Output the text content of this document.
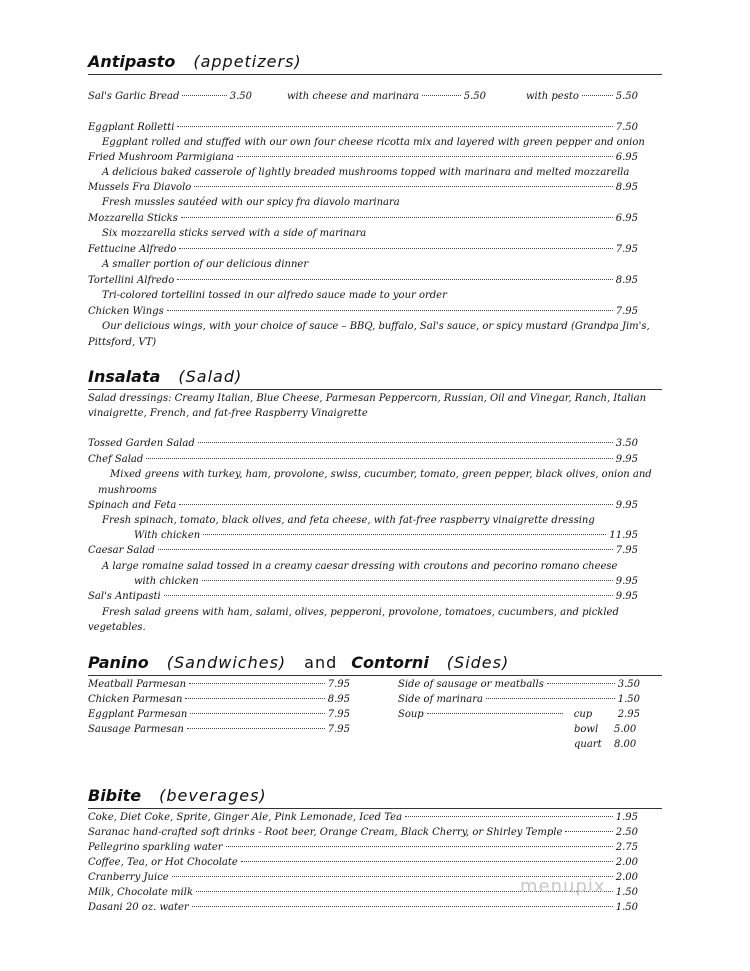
Antipasto (appetizers)
Sal's Garlic Bread	3.50	with cheese and marinara	5.50	with pesto	5.50
Eggplant Rolletti	7.50
Eggplant rolled and stuffed with our own four cheese ricotta mix and layered with green pepper and onion
Fried Mushroom Parmigiana	6.95
A delicious baked casserole of lightly breaded mushrooms topped with marinara and melted mozzarella
Mussels Fra Diavolo	8.95
Fresh mussles sautéed with our spicy fra diavolo marinara
Mozzarella Sticks	6.95
Six mozzarella sticks served with a side of marinara
Fettucine Alfredo	7.95
A smaller portion of our delicious dinner
Tortellini Alfredo	8.95
Tri-colored tortellini tossed in our alfredo sauce made to your order
Chicken Wings	7.95
Our delicious wings, with your choice of sauce – BBQ, buffalo, Sal's sauce, or spicy mustard (Grandpa Jim's,
Pittsford, VT)
Insalata (Salad)
Salad dressings: Creamy Italian, Blue Cheese, Parmesan Peppercorn, Russian, Oil and Vinegar, Ranch, Italian
vinaigrette, French, and fat-free Raspberry Vinaigrette
Tossed Garden Salad	3.50
Chef Salad	9.95
Mixed greens with turkey, ham, provolone, swiss, cucumber, tomato, green pepper, black olives, onion and
mushrooms
Spinach and Feta	9.95
Fresh spinach, tomato, black olives, and feta cheese, with fat-free raspberry vinaigrette dressing
With chicken	11.95
Caesar Salad	7.95
A large romaine salad tossed in a creamy caesar dressing with croutons and pecorino romano cheese
with chicken	9.95
Sal's Antipasti	9.95
Fresh salad greens with ham, salami, olives, pepperoni, provolone, tomatoes, cucumbers, and pickled
vegetables.
Panino (Sandwiches) and Contorni (Sides)
Meatball Parmesan	7.95
Chicken Parmesan	8.95
Eggplant Parmesan	7.95
Sausage Parmesan	7.95
Side of sausage or meatballs	3.50
Side of marinara	1.50
Soup	cup	2.95
bowl 5.00
quart 8.00
Bibite (beverages)
Coke, Diet Coke, Sprite, Ginger Ale, Pink Lemonade, Iced Tea	1.95
Saranac hand-crafted soft drinks - Root beer, Orange Cream, Black Cherry, or Shirley Temple	2.50
Pellegrino sparkling water	2.75
Coffee, Tea, or Hot Chocolate	2.00
Cranberry Juice	2.00
Milk, Chocolate milk	1.50
Dasani 20 oz. water	1.50
menupix
